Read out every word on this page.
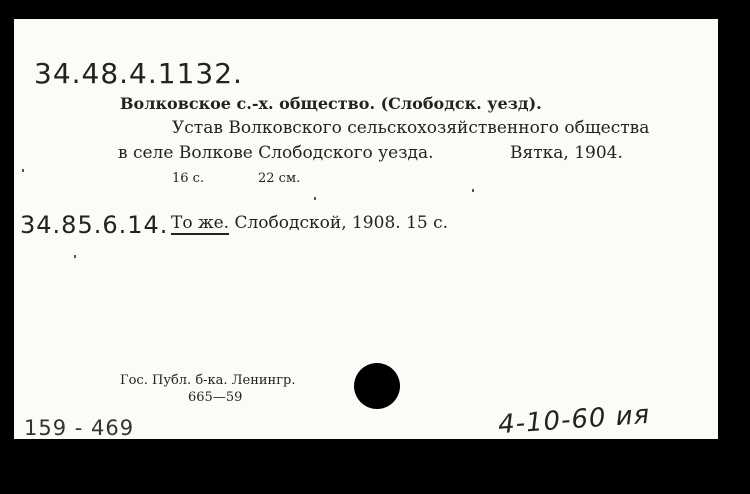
34.48.4.1132.
Волковское с.-х. общество. (Слободск. уезд).
Устав Волковского сельскохозяйственного общества
в селе Волкове Слободского уезда.	Вятка, 1904.
16 с.	22 см.
34.85.6.14. То же. Слободской, 1908. 15 с.
Гос. Публ. б-ка. Ленингр.
665—59
159 - 469	4-10-60 ия
